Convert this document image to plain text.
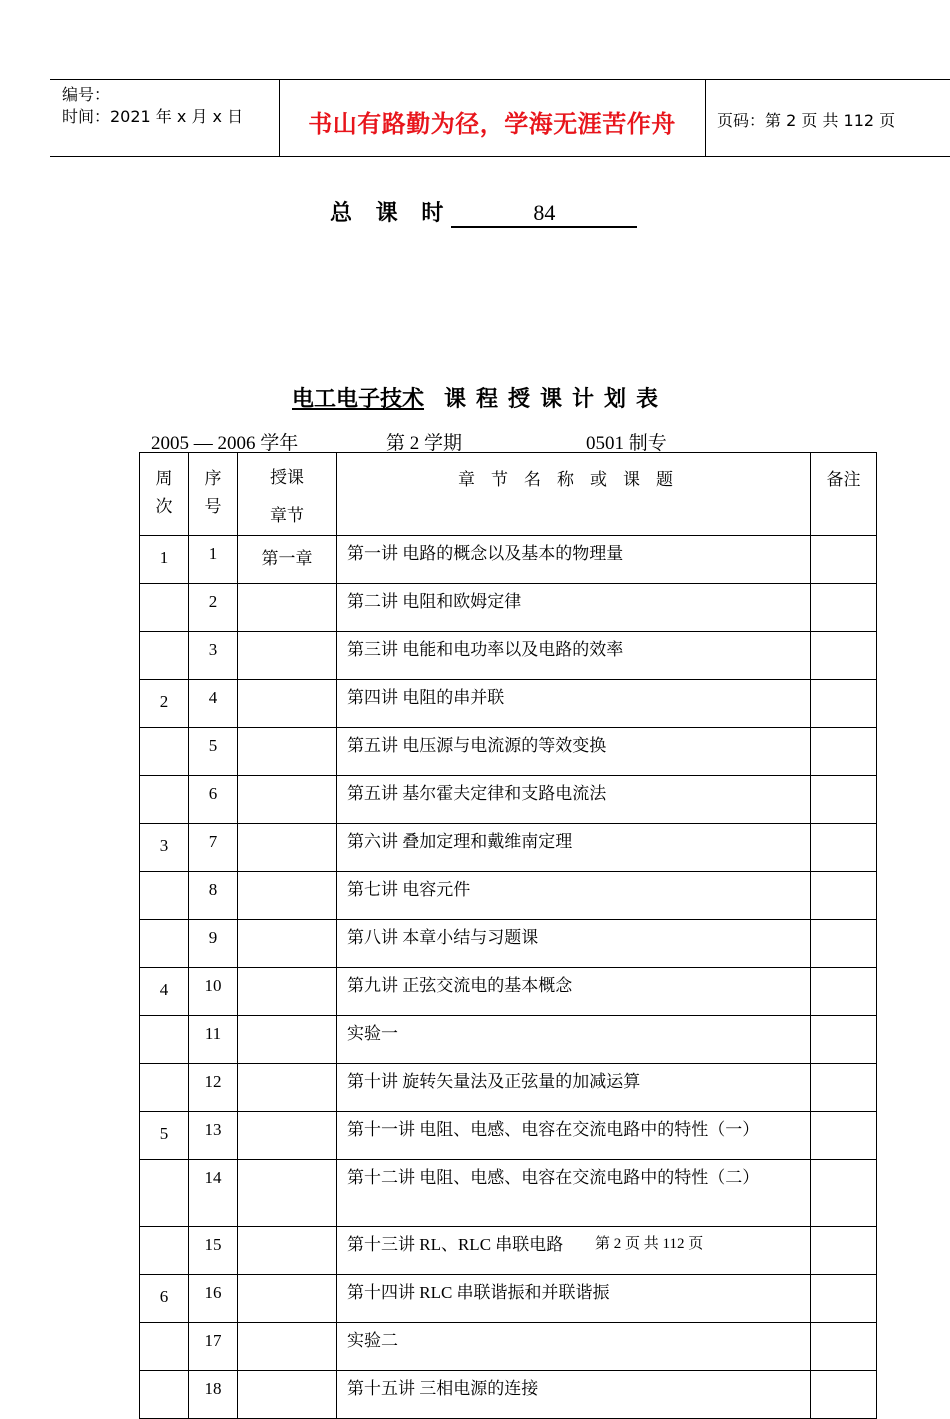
编号：
时间：2021 年 x 月 x 日	书山有路勤为径，学海无涯苦作舟	页码：第 2 页 共 112 页
总 课 时	84
电工电子技术 课程授课计划表
2005 — 2006 学年	第 2 学期	0501 制专
周次	序号	授课章节	章节名称或课题	备注

1	1	第一章	第一讲 电路的概念以及基本的物理量	

	2		第二讲 电阻和欧姆定律	

	3		第三讲 电能和电功率以及电路的效率	

2	4		第四讲 电阻的串并联	

	5		第五讲 电压源与电流源的等效变换	

	6		第五讲 基尔霍夫定律和支路电流法	

3	7		第六讲 叠加定理和戴维南定理	

	8		第七讲 电容元件	

	9		第八讲 本章小结与习题课	

4	10		第九讲 正弦交流电的基本概念	

	11		实验一	

	12		第十讲 旋转矢量法及正弦量的加减运算	

5	13		第十一讲 电阻、电感、电容在交流电路中的特性（一）	

	14		第十二讲 电阻、电感、电容在交流电路中的特性（二）	

	15		第十三讲 RL、RLC 串联电路	

6	16		第十四讲 RLC 串联谐振和并联谐振	

	17		实验二	

	18		第十五讲 三相电源的连接	

第 2 页 共 112 页
